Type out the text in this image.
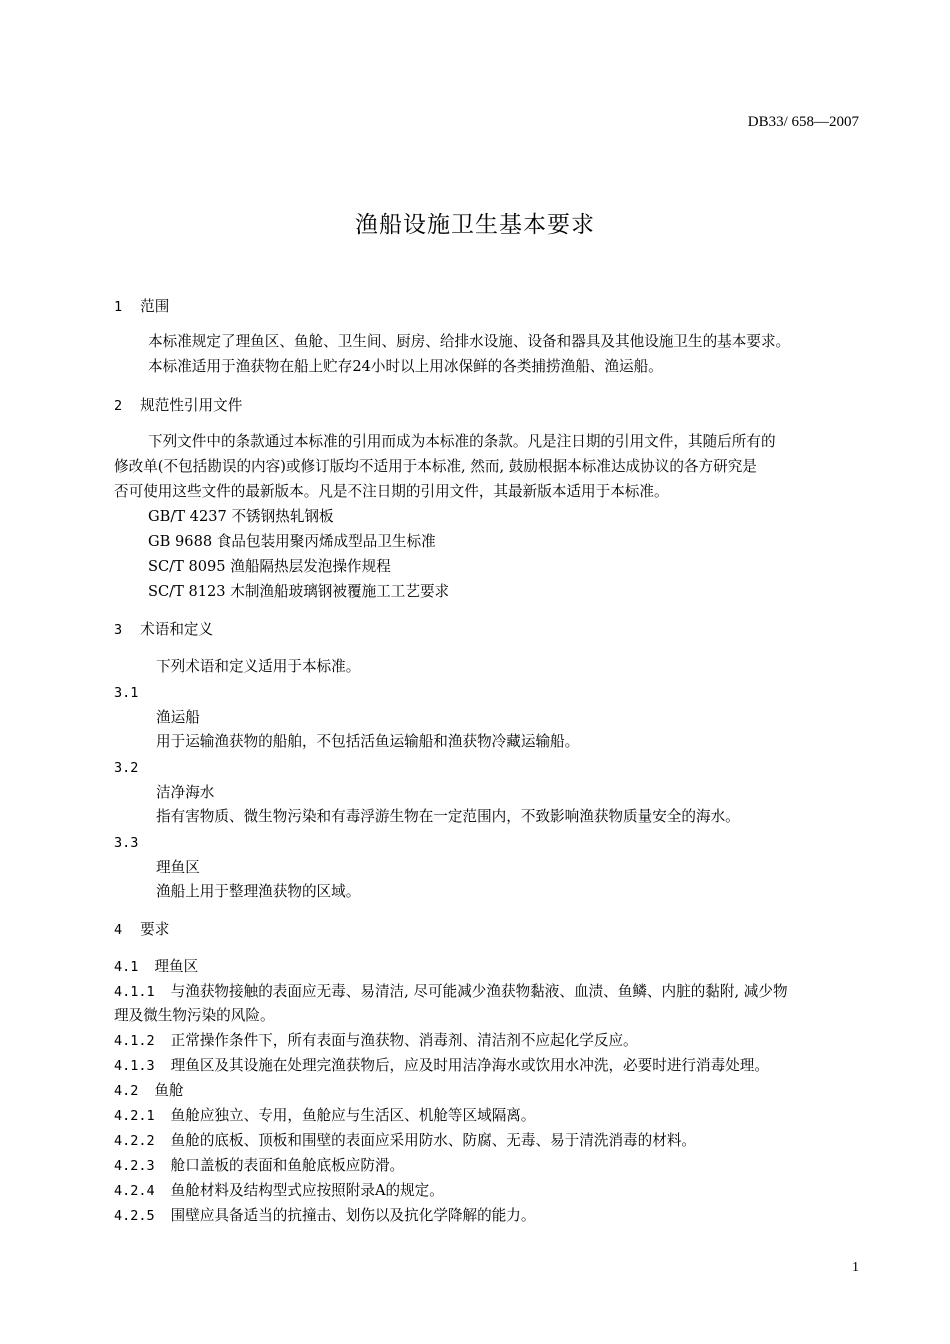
DB33/ 658—2007
渔船设施卫生基本要求
1 范围
本标准规定了理鱼区、鱼舱、卫生间、厨房、给排水设施、设备和器具及其他设施卫生的基本要求。
本标准适用于渔获物在船上贮存24小时以上用冰保鲜的各类捕捞渔船、渔运船。
2 规范性引用文件
下列文件中的条款通过本标准的引用而成为本标准的条款。凡是注日期的引用文件，其随后所有的
修改单(不包括勘误的内容)或修订版均不适用于本标准, 然而, 鼓励根据本标准达成协议的各方研究是
否可使用这些文件的最新版本。凡是不注日期的引用文件，其最新版本适用于本标准。
GB/T 4237 不锈钢热轧钢板
GB 9688 食品包装用聚丙烯成型品卫生标准
SC/T 8095 渔船隔热层发泡操作规程
SC/T 8123 木制渔船玻璃钢被覆施工工艺要求
3 术语和定义
下列术语和定义适用于本标准。
3.1
渔运船
用于运输渔获物的船舶，不包括活鱼运输船和渔获物冷藏运输船。
3.2
洁净海水
指有害物质、微生物污染和有毒浮游生物在一定范围内，不致影响渔获物质量安全的海水。
3.3
理鱼区
渔船上用于整理渔获物的区域。
4 要求
4.1 理鱼区
4.1.1 与渔获物接触的表面应无毒、易清洁, 尽可能减少渔获物黏液、血渍、鱼鳞、内脏的黏附, 减少物
理及微生物污染的风险。
4.1.2 正常操作条件下，所有表面与渔获物、消毒剂、清洁剂不应起化学反应。
4.1.3 理鱼区及其设施在处理完渔获物后，应及时用洁净海水或饮用水冲洗，必要时进行消毒处理。
4.2 鱼舱
4.2.1 鱼舱应独立、专用，鱼舱应与生活区、机舱等区域隔离。
4.2.2 鱼舱的底板、顶板和围壁的表面应采用防水、防腐、无毒、易于清洗消毒的材料。
4.2.3 舱口盖板的表面和鱼舱底板应防滑。
4.2.4 鱼舱材料及结构型式应按照附录A的规定。
4.2.5 围壁应具备适当的抗撞击、划伤以及抗化学降解的能力。
1
